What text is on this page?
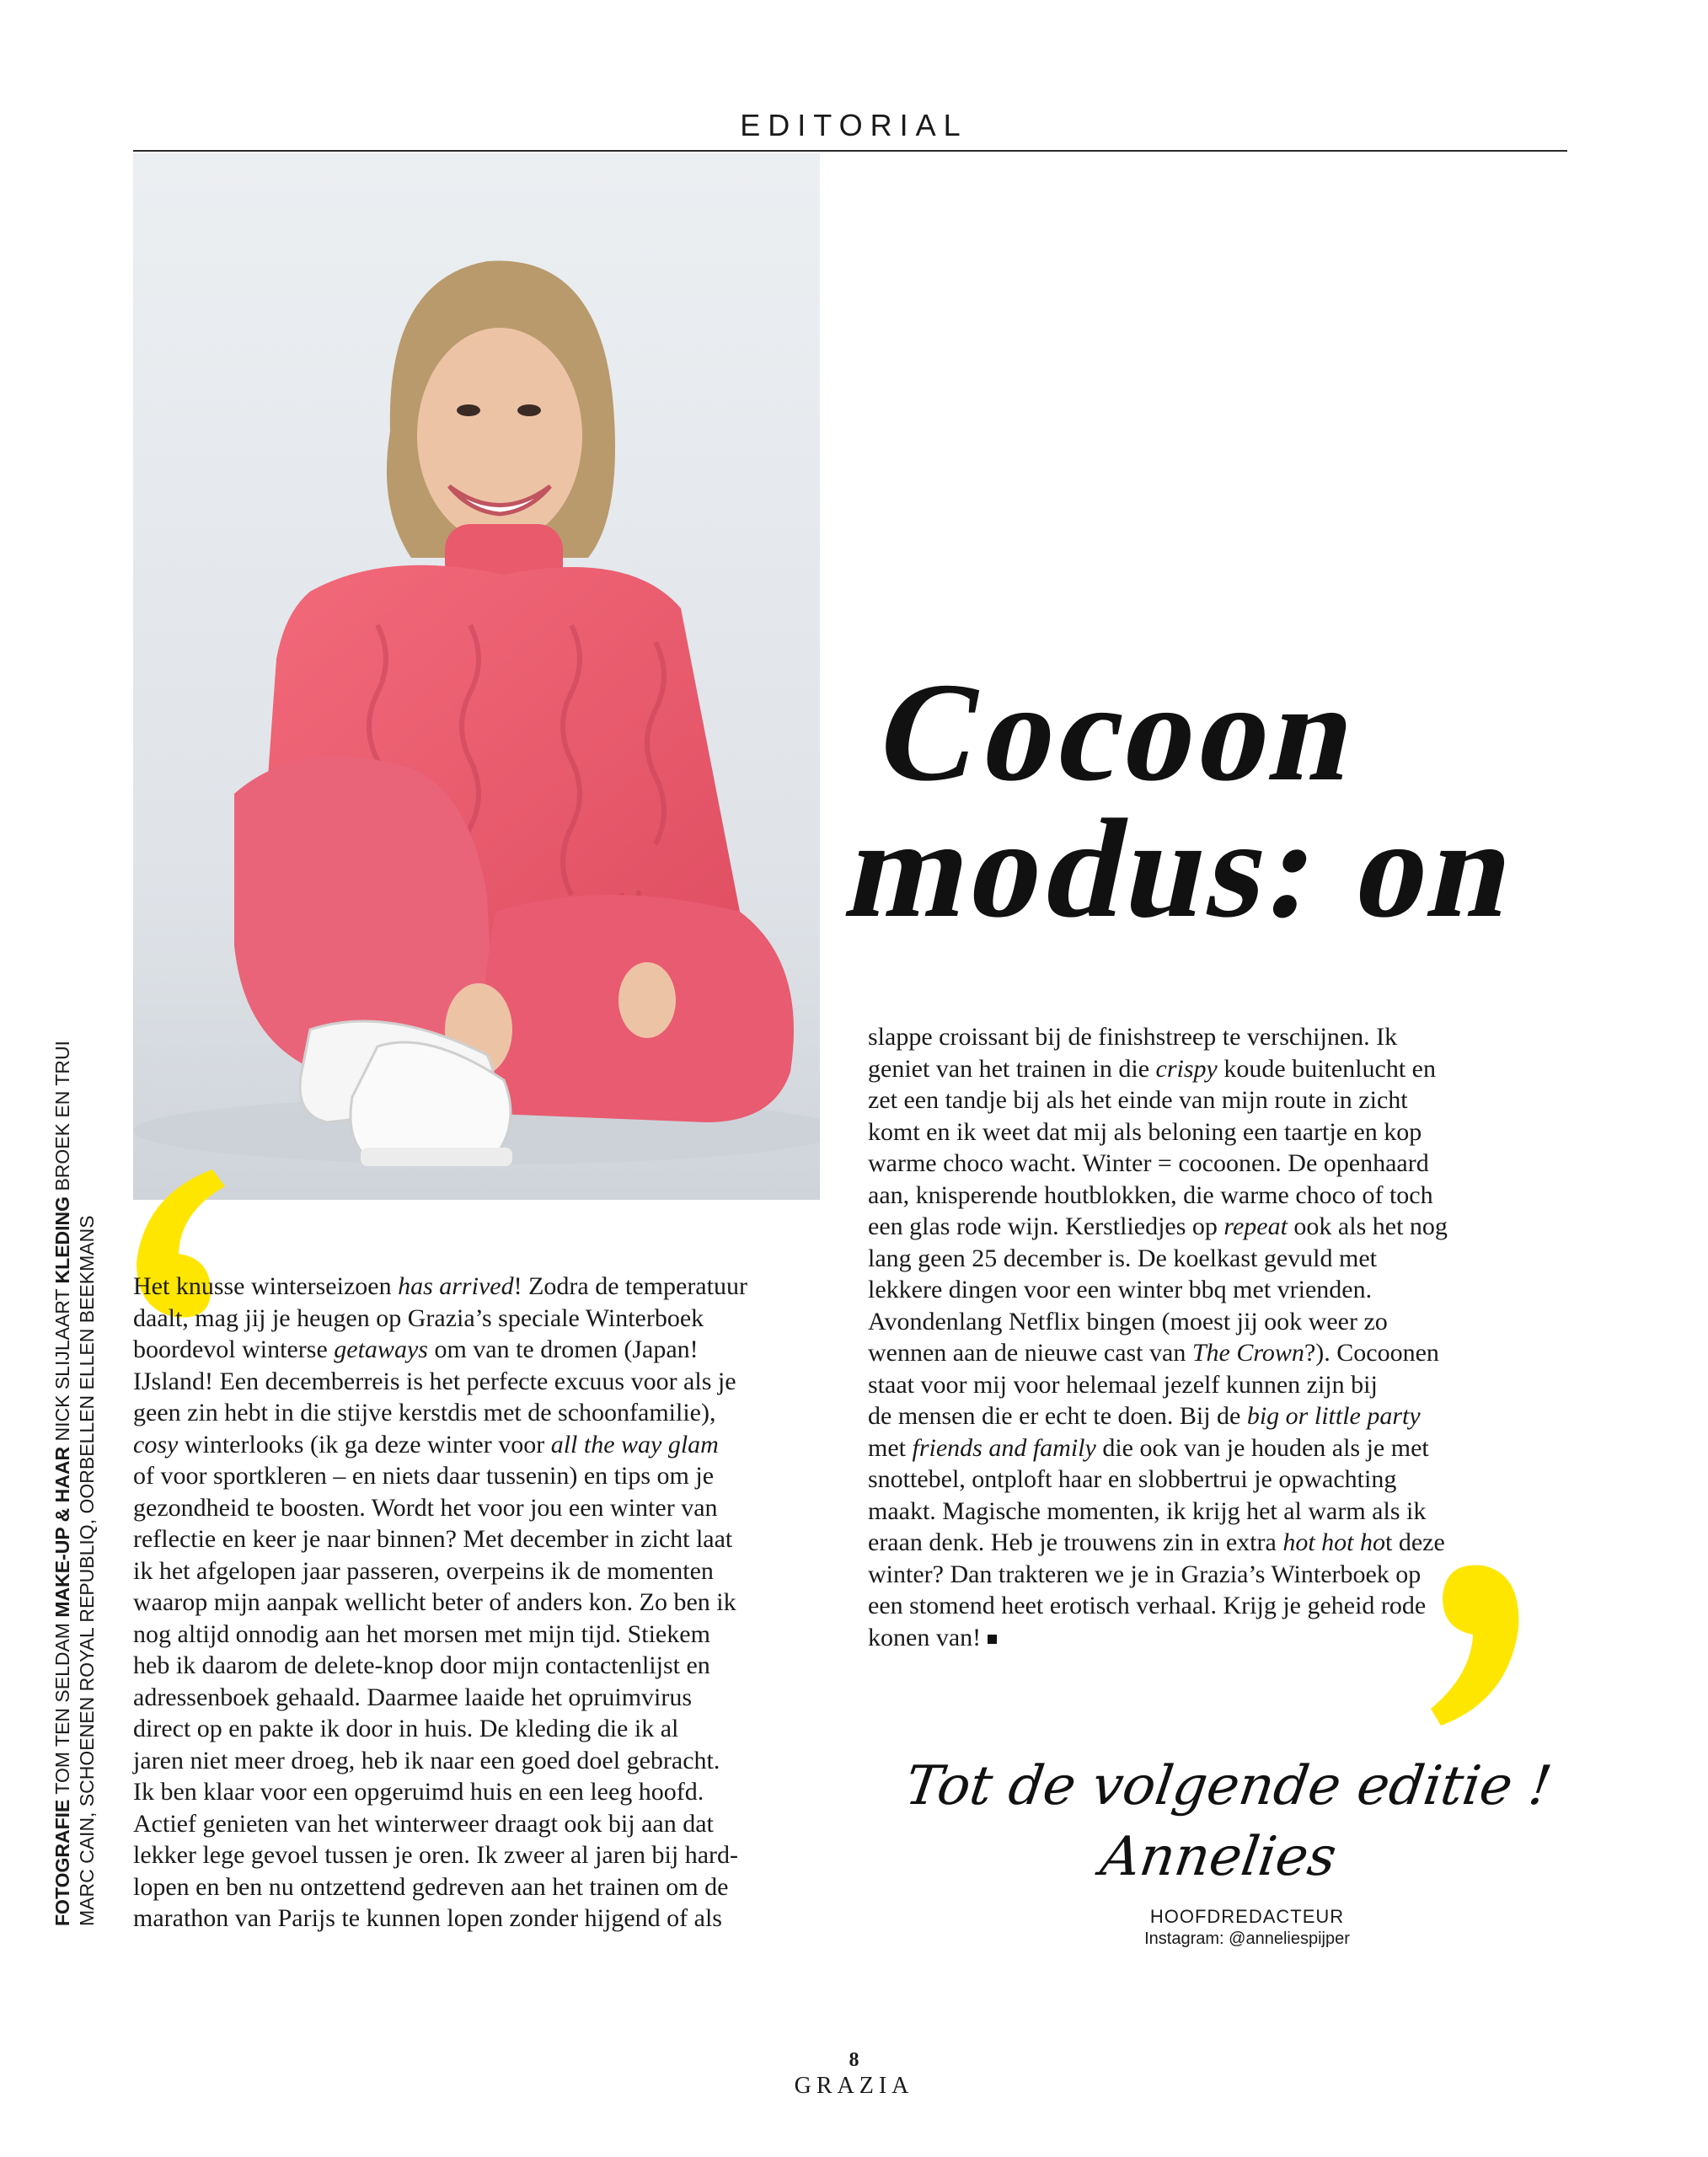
EDITORIAL
Cocoon
modus: on

Het knusse winterseizoen has arrived! Zodra de temperatuur
daalt, mag jij je heugen op Grazia’s speciale Winterboek
boordevol winterse getaways om van te dromen (Japan!
IJsland! Een decemberreis is het perfecte excuus voor als je
geen zin hebt in die stijve kerstdis met de schoonfamilie),
cosy winterlooks (ik ga deze winter voor all the way glam
of voor sportkleren – en niets daar tussenin) en tips om je
gezondheid te boosten. Wordt het voor jou een winter van
reflectie en keer je naar binnen? Met december in zicht laat
ik het afgelopen jaar passeren, overpeins ik de momenten
waarop mijn aanpak wellicht beter of anders kon. Zo ben ik
nog altijd onnodig aan het morsen met mijn tijd. Stiekem
heb ik daarom de delete-knop door mijn contactenlijst en
adressenboek gehaald. Daarmee laaide het opruimvirus
direct op en pakte ik door in huis. De kleding die ik al
jaren niet meer droeg, heb ik naar een goed doel gebracht.
Ik ben klaar voor een opgeruimd huis en een leeg hoofd.
Actief genieten van het winterweer draagt ook bij aan dat
lekker lege gevoel tussen je oren. Ik zweer al jaren bij hard-
lopen en ben nu ontzettend gedreven aan het trainen om de
marathon van Parijs te kunnen lopen zonder hijgend of als

slappe croissant bij de finishstreep te verschijnen. Ik
geniet van het trainen in die crispy koude buitenlucht en
zet een tandje bij als het einde van mijn route in zicht
komt en ik weet dat mij als beloning een taartje en kop
warme choco wacht. Winter = cocoonen. De openhaard
aan, knisperende houtblokken, die warme choco of toch
een glas rode wijn. Kerstliedjes op repeat ook als het nog
lang geen 25 december is. De koelkast gevuld met
lekkere dingen voor een winter bbq met vrienden.
Avondenlang Netflix bingen (moest jij ook weer zo
wennen aan de nieuwe cast van The Crown?). Cocoonen
staat voor mij voor helemaal jezelf kunnen zijn bij
de mensen die er echt te doen. Bij de big or little party
met friends and family die ook van je houden als je met
snottebel, ontploft haar en slobbertrui je opwachting
maakt. Magische momenten, ik krijg het al warm als ik
eraan denk. Heb je trouwens zin in extra hot hot hot deze
winter? Dan trakteren we je in Grazia’s Winterboek op
een stomend heet erotisch verhaal. Krijg je geheid rode
konen van!

FOTOGRAFIE TOM TEN SELDAM MAKE-UP & HAAR NICK SLIJLAART KLEDING BROEK EN TRUI
MARC CAIN, SCHOENEN ROYAL REPUBLIQ, OORBELLEN ELLEN BEEKMANS	Tot de volgende editie !
Annelies
HOOFDREDACTEUR
Instagram: @anneliespijper
8
GRAZIA
